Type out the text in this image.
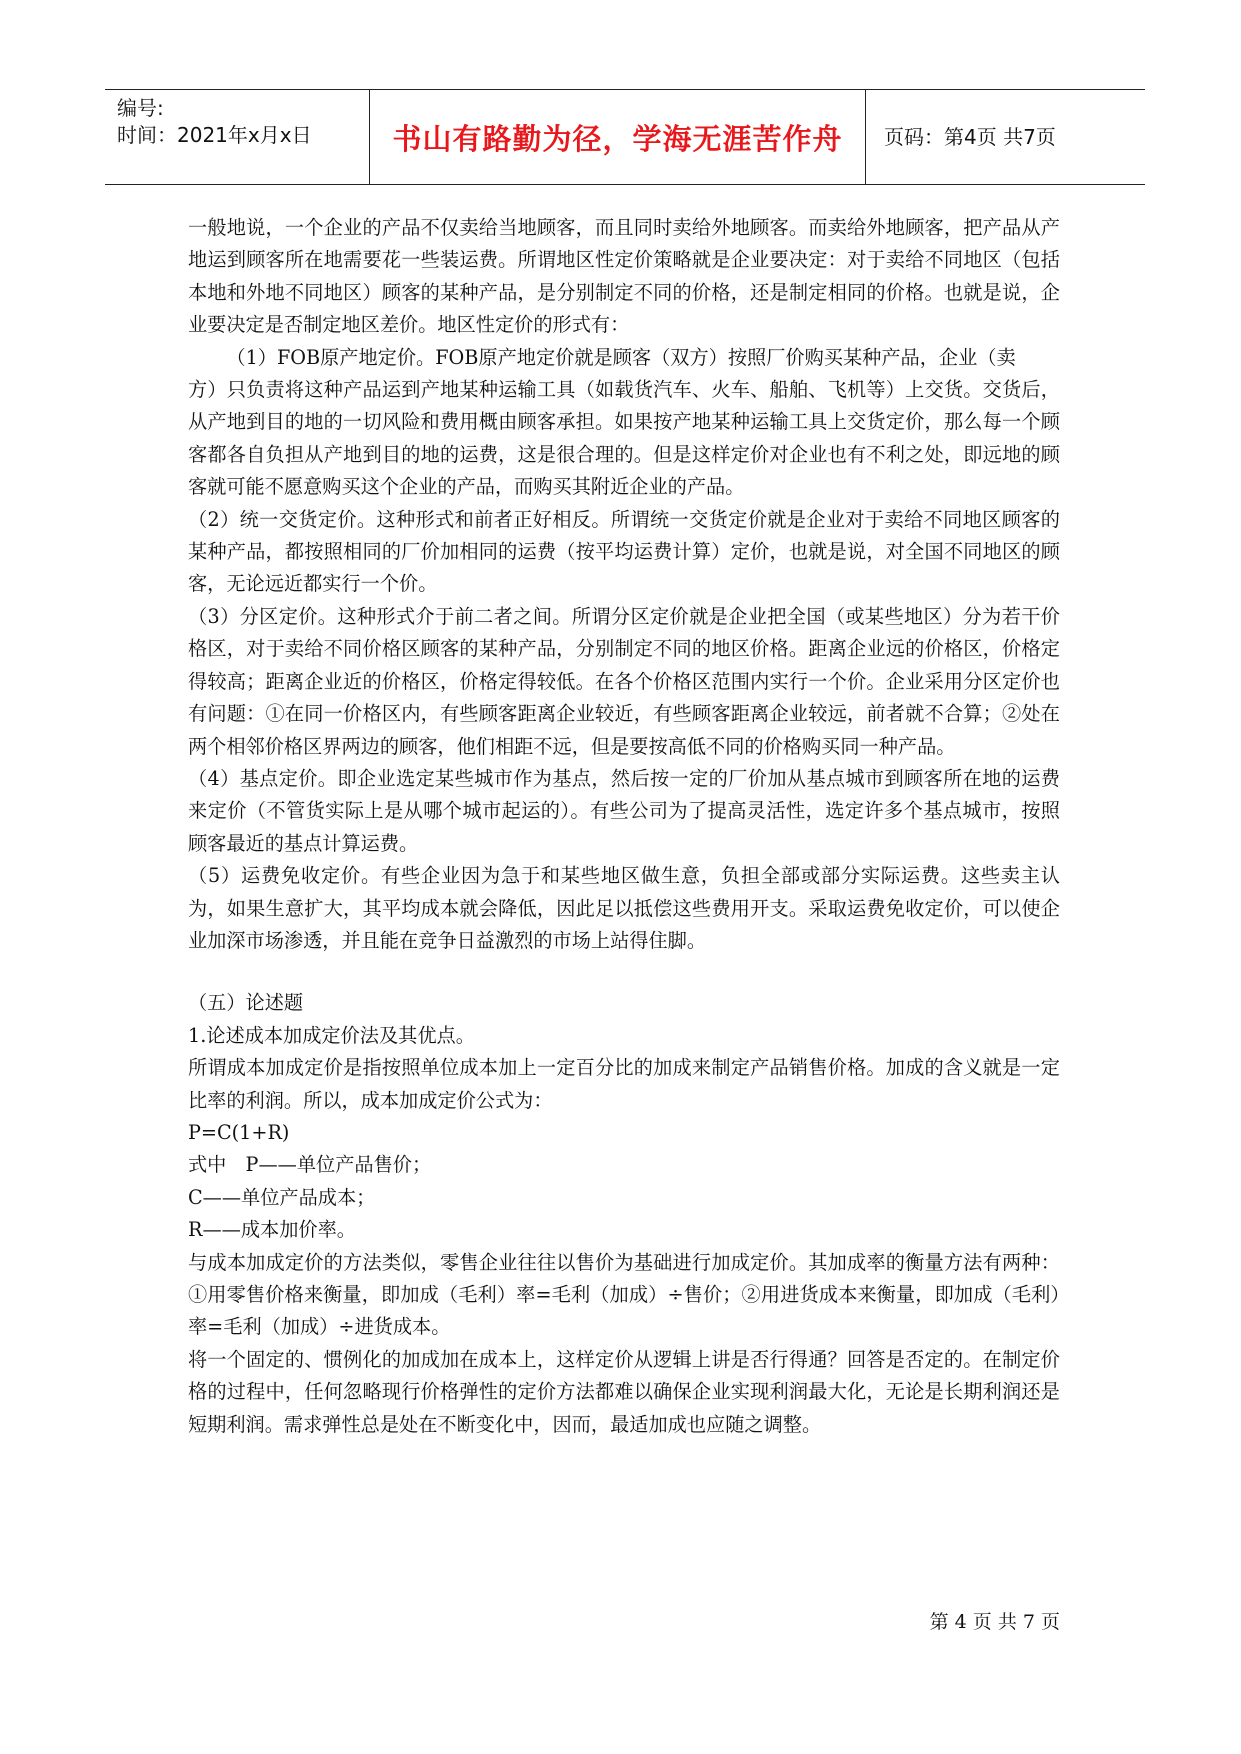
编号:
时间：2021年x月x日	书山有路勤为径，学海无涯苦作舟 页码：第4页 共7页

一般地说，一个企业的产品不仅卖给当地顾客，而且同时卖给外地顾客。而卖给外地顾客，把产品从产地运到顾客所在地需要花一些装运费。所谓地区性定价策略就是企业要决定：对于卖给不同地区（包括本地和外地不同地区）顾客的某种产品，是分别制定不同的价格，还是制定相同的价格。也就是说，企业要决定是否制定地区差价。地区性定价的形式有：

（1）FOB原产地定价。FOB原产地定价就是顾客（双方）按照厂价购买某种产品，企业（卖

方）只负责将这种产品运到产地某种运输工具（如载货汽车、火车、船舶、飞机等）上交货。交货后，从产地到目的地的一切风险和费用概由顾客承担。如果按产地某种运输工具上交货定价，那么每一个顾客都各自负担从产地到目的地的运费，这是很合理的。但是这样定价对企业也有不利之处，即远地的顾客就可能不愿意购买这个企业的产品，而购买其附近企业的产品。

（2）统一交货定价。这种形式和前者正好相反。所谓统一交货定价就是企业对于卖给不同地区顾客的某种产品，都按照相同的厂价加相同的运费（按平均运费计算）定价，也就是说，对全国不同地区的顾客，无论远近都实行一个价。

（3）分区定价。这种形式介于前二者之间。所谓分区定价就是企业把全国（或某些地区）分为若干价格区，对于卖给不同价格区顾客的某种产品，分别制定不同的地区价格。距离企业远的价格区，价格定得较高；距离企业近的价格区，价格定得较低。在各个价格区范围内实行一个价。企业采用分区定价也有问题：①在同一价格区内，有些顾客距离企业较近，有些顾客距离企业较远，前者就不合算；②处在两个相邻价格区界两边的顾客，他们相距不远，但是要按高低不同的价格购买同一种产品。

（4）基点定价。即企业选定某些城市作为基点，然后按一定的厂价加从基点城市到顾客所在地的运费来定价（不管货实际上是从哪个城市起运的）。有些公司为了提高灵活性，选定许多个基点城市，按照顾客最近的基点计算运费。

（5）运费免收定价。有些企业因为急于和某些地区做生意，负担全部或部分实际运费。这些卖主认为，如果生意扩大，其平均成本就会降低，因此足以抵偿这些费用开支。采取运费免收定价，可以使企业加深市场渗透，并且能在竞争日益激烈的市场上站得住脚。

（五）论述题

1.论述成本加成定价法及其优点。

所谓成本加成定价是指按照单位成本加上一定百分比的加成来制定产品销售价格。加成的含义就是一定比率的利润。所以，成本加成定价公式为：

P=C(1+R)

式中　P——单位产品售价；

C——单位产品成本；

R——成本加价率。

与成本加成定价的方法类似，零售企业往往以售价为基础进行加成定价。其加成率的衡量方法有两种：①用零售价格来衡量，即加成（毛利）率=毛利（加成）÷售价；②用进货成本来衡量，即加成（毛利）率=毛利（加成）÷进货成本。

将一个固定的、惯例化的加成加在成本上，这样定价从逻辑上讲是否行得通？回答是否定的。在制定价格的过程中，任何忽略现行价格弹性的定价方法都难以确保企业实现利润最大化，无论是长期利润还是短期利润。需求弹性总是处在不断变化中，因而，最适加成也应随之调整。

第 4 页 共 7 页
